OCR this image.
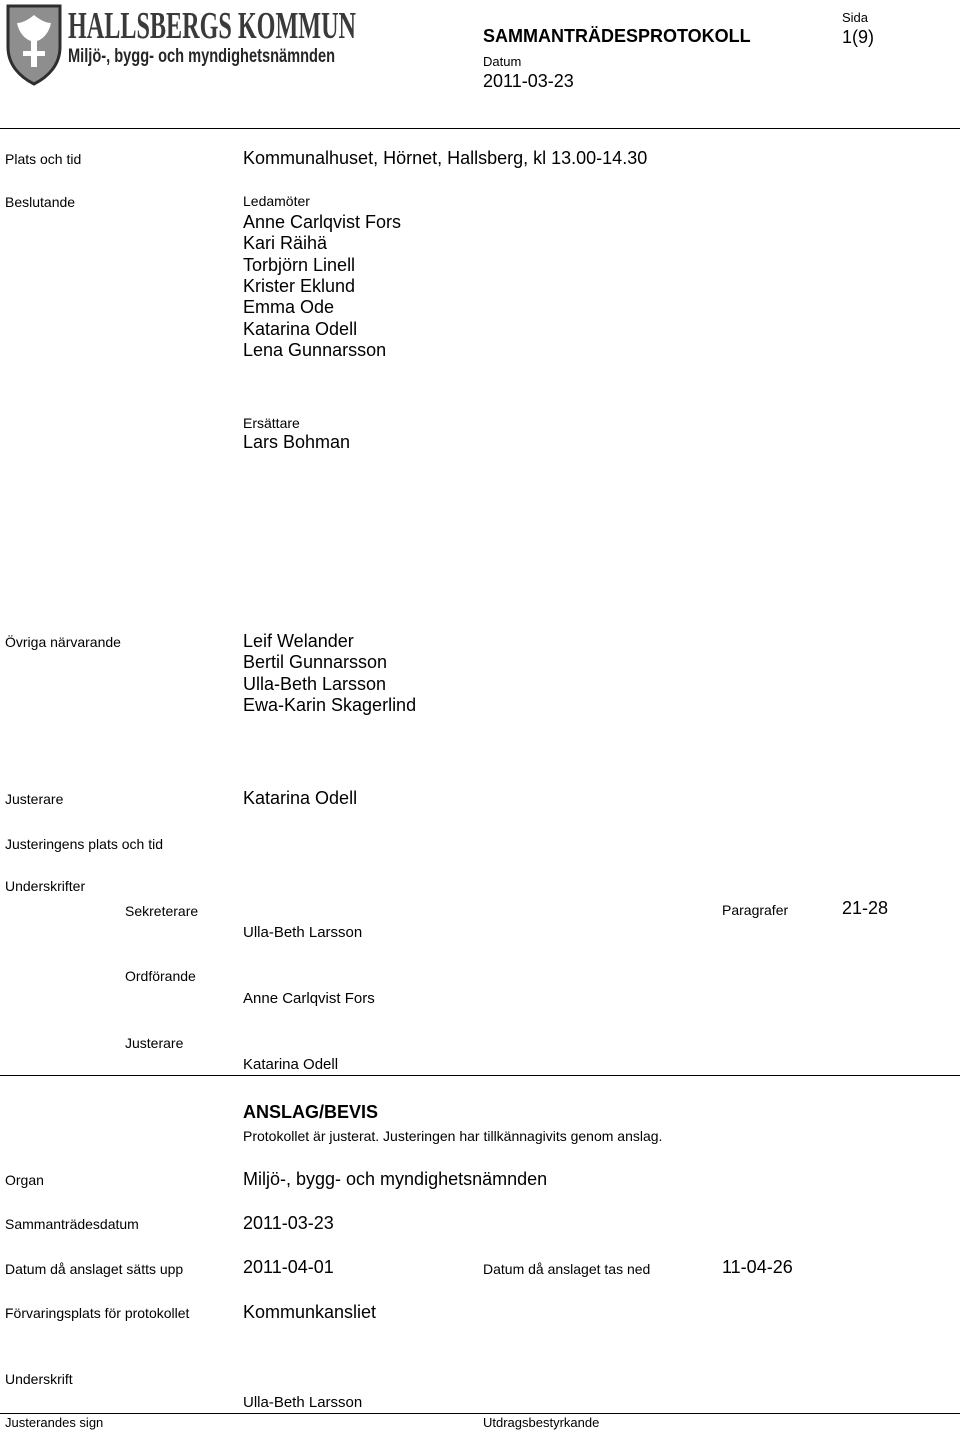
HALLSBERGS KOMMUN
Miljö-, bygg- och myndighetsnämnden
SAMMANTRÄDESPROTOKOLL
Sida
1(9)
Datum
2011-03-23
Plats och tid	Kommunalhuset, Hörnet, Hallsberg, kl 13.00-14.30
Beslutande	Ledamöter
Anne Carlqvist Fors
Kari Räihä
Torbjörn Linell
Krister Eklund
Emma Ode
Katarina Odell
Lena Gunnarsson
Ersättare
Lars Bohman
Övriga närvarande	Leif Welander
Bertil Gunnarsson
Ulla-Beth Larsson
Ewa-Karin Skagerlind
Justerare	Katarina Odell
Justeringens plats och tid
Underskrifter
Sekreterare
Ulla-Beth Larsson
Paragrafer	21-28
Ordförande
Anne Carlqvist Fors
Justerare
Katarina Odell
ANSLAG/BEVIS
Protokollet är justerat. Justeringen har tillkännagivits genom anslag.
Organ	Miljö-, bygg- och myndighetsnämnden
Sammanträdesdatum	2011-03-23
Datum då anslaget sätts upp	2011-04-01	Datum då anslaget tas ned	11-04-26
Förvaringsplats för protokollet	Kommunkansliet
Underskrift
Ulla-Beth Larsson
Justerandes sign	Utdragsbestyrkande
